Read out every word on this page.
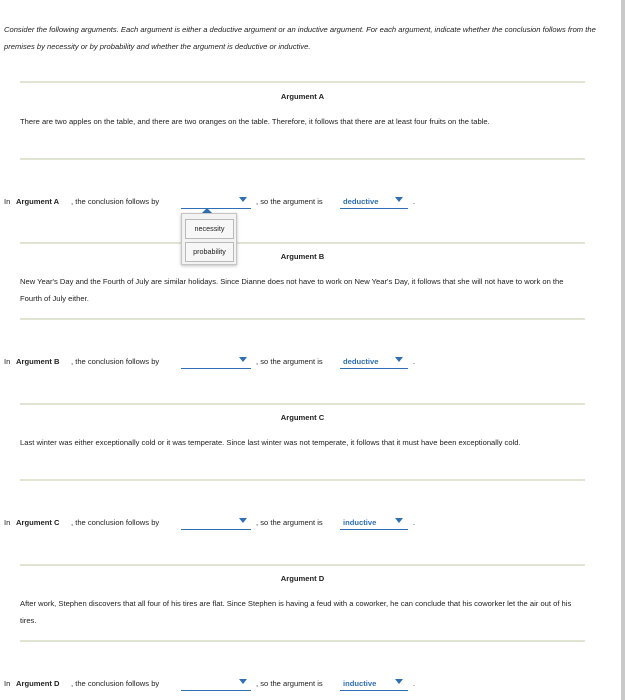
Consider the following arguments. Each argument is either a deductive argument or an inductive argument. For each argument, indicate whether the conclusion follows from the premises by necessity or by probability and whether the argument is deductive or inductive.
Argument A
There are two apples on the table, and there are two oranges on the table. Therefore, it follows that there are at least four fruits on the table.
In Argument A , the conclusion follows by	, so the argument is	deductive	.
Argument B
New Year's Day and the Fourth of July are similar holidays. Since Dianne does not have to work on New Year's Day, it follows that she will not have to work on the Fourth of July either.
In Argument B , the conclusion follows by	, so the argument is	deductive	.
Argument C
Last winter was either exceptionally cold or it was temperate. Since last winter was not temperate, it follows that it must have been exceptionally cold.
In Argument C , the conclusion follows by	, so the argument is	inductive	.
Argument D
After work, Stephen discovers that all four of his tires are flat. Since Stephen is having a feud with a coworker, he can conclude that his coworker let the air out of his tires.
In Argument D , the conclusion follows by	, so the argument is	inductive	.
necessity
probability
